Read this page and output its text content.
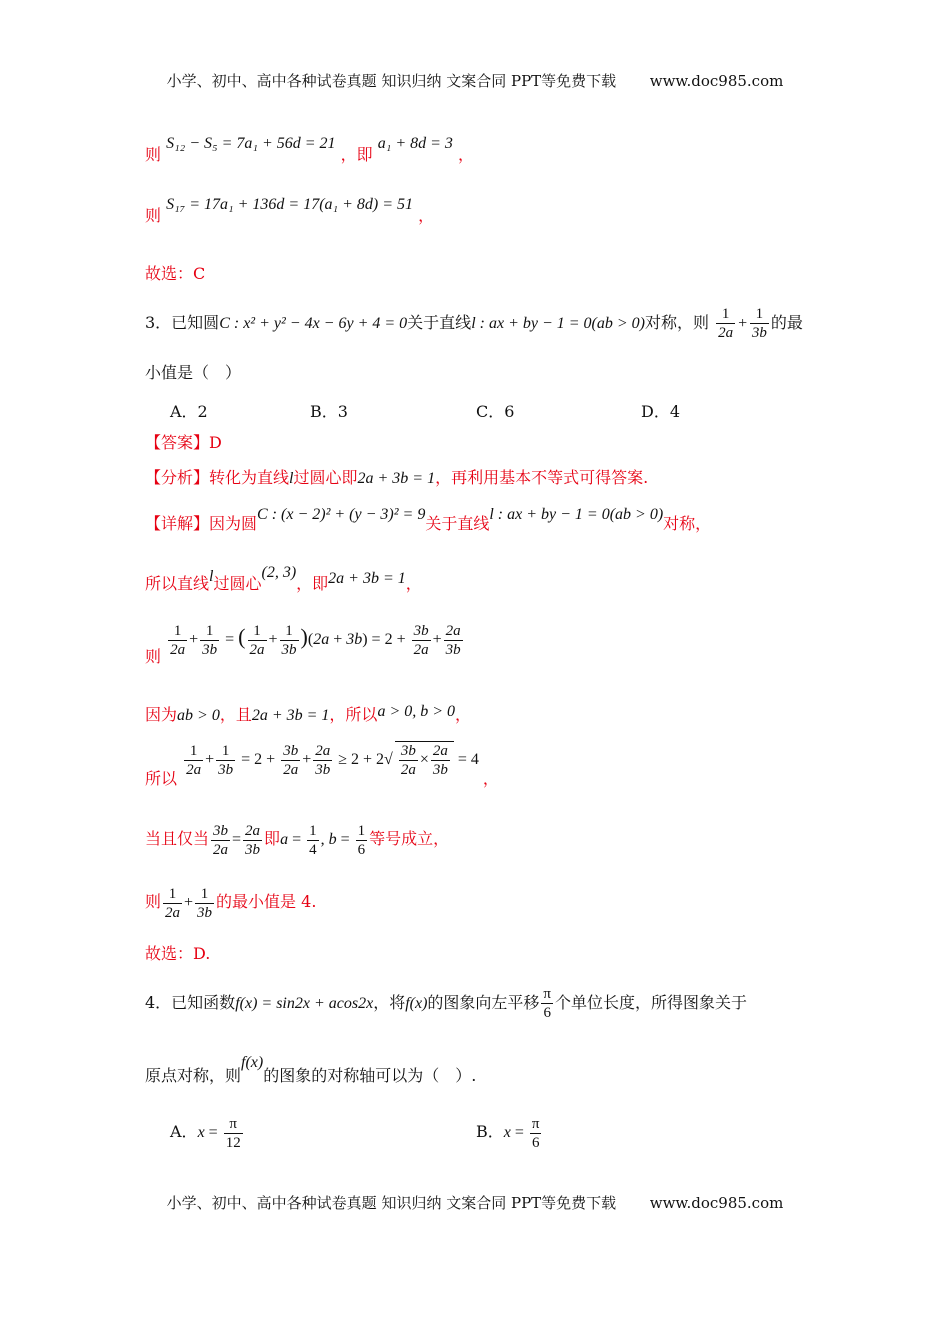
小学、初中、高中各种试卷真题 知识归纳 文案合同 PPT等免费下载 www.doc985.com
则 S₁₂ − S₅ = 7a₁ + 56d = 21 ，即 a₁ + 8d = 3 ，
则 S₁₇ = 17a₁ + 136d = 17(a₁ + 8d) = 51 ，
故选：C
3．已知圆C : x² + y² − 4x − 6y + 4 = 0关于直线l : ax + by − 1 = 0(ab > 0)对称，则 $\frac{1}{2a} + \frac{1}{3b}$ 的最
小值是（　）
A．2	B．3	C．6	D．4
【答案】D
【分析】转化为直线l过圆心即2a + 3b = 1，再利用基本不等式可得答案.
【详解】因为圆C : (x − 2)² + (y − 3)² = 9关于直线l : ax + by − 1 = 0(ab > 0)对称，
所以直线l过圆心(2, 3)，即2a + 3b = 1，
则 $\frac{1}{2a} + \frac{1}{3b}$ = ( $\frac{1}{2a} + \frac{1}{3b} )(2a + 3b) = 2 + \frac{3b}{2a} + \frac{2a}{3b}$
因为ab > 0，且2a + 3b = 1，所以a > 0, b > 0，
所以 $\frac{1}{2a} + \frac{1}{3b} = 2 + \frac{3b}{2a} + \frac{2a}{3b} \ge 2 + 2√ \frac{3b}{2a} \times \frac{2a}{3b} = 4$ ，
当且仅当 $\frac{3b}{2a} = \frac{2a}{3b}$ 即$a = \frac{1}{4}$ , $b = \frac{1}{6}$ 等号成立，
则 $\frac{1}{2a} + \frac{1}{3b}$ 的最小值是 4.
故选：D.
4．已知函数f(x) = sin2x + acos2x，将f(x)的图象向左平移 $\frac{\pi}{6}$ 个单位长度，所得图象关于
原点对称，则f(x)的图象的对称轴可以为（　）.
A．$x = \frac{\pi}{12}$	B．$x = \frac{\pi}{6}$
小学、初中、高中各种试卷真题 知识归纳 文案合同 PPT等免费下载 www.doc985.com
